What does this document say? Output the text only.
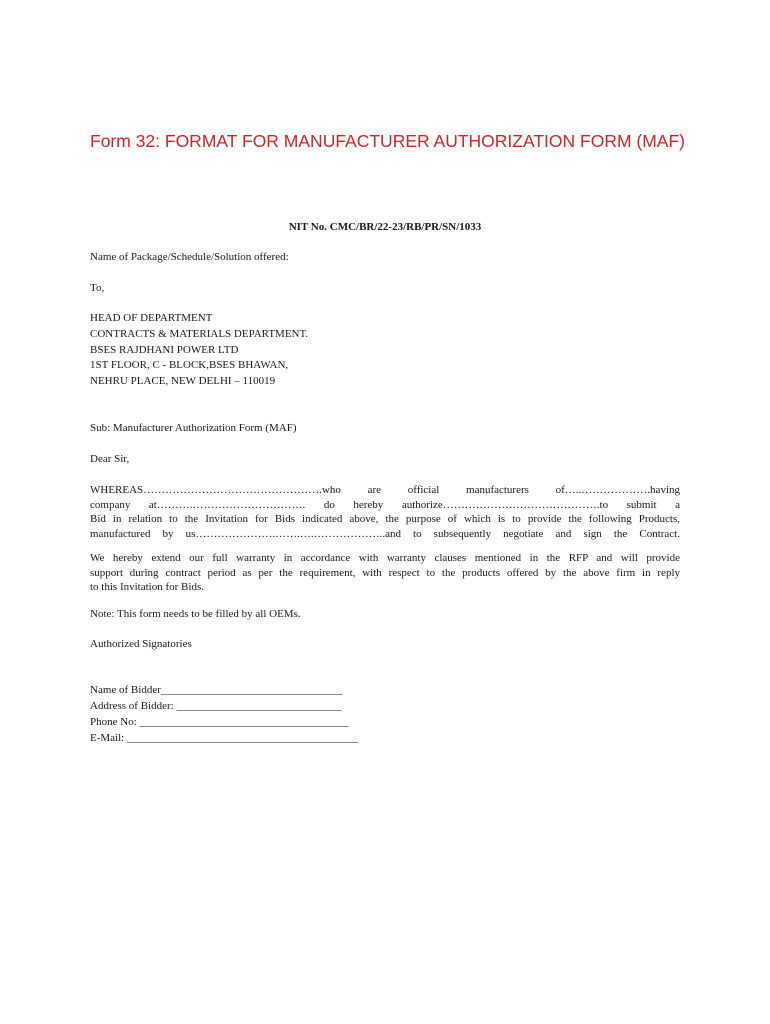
Form 32: FORMAT FOR MANUFACTURER AUTHORIZATION FORM (MAF)
NIT No. CMC/BR/22-23/RB/PR/SN/1033
Name of Package/Schedule/Solution offered:
To,
HEAD OF DEPARTMENT
CONTRACTS & MATERIALS DEPARTMENT.
BSES RAJDHANI POWER LTD
1ST FLOOR, C - BLOCK,BSES BHAWAN,
NEHRU PLACE, NEW DELHI – 110019
Sub: Manufacturer Authorization Form (MAF)
Dear Sir,
WHEREAS………………………………………….who are official manufacturers of…..……………….having
company at……….…………………………. do hereby authorize…………………………………….to submit a
Bid in relation to the Invitation for Bids indicated above, the purpose of which is to provide the following Products,
manufactured by us………………….…….….………………..and to subsequently negotiate and sign the Contract.
We hereby extend our full warranty in accordance with warranty clauses mentioned in the RFP and will provide
support during contract period as per the requirement, with respect to the products offered by the above firm in reply
to this Invitation for Bids.
Note: This form needs to be filled by all OEMs.
Authorized Signatories
Name of Bidder_________________________________
Address of Bidder: ______________________________
Phone No: ______________________________________
E-Mail: __________________________________________
